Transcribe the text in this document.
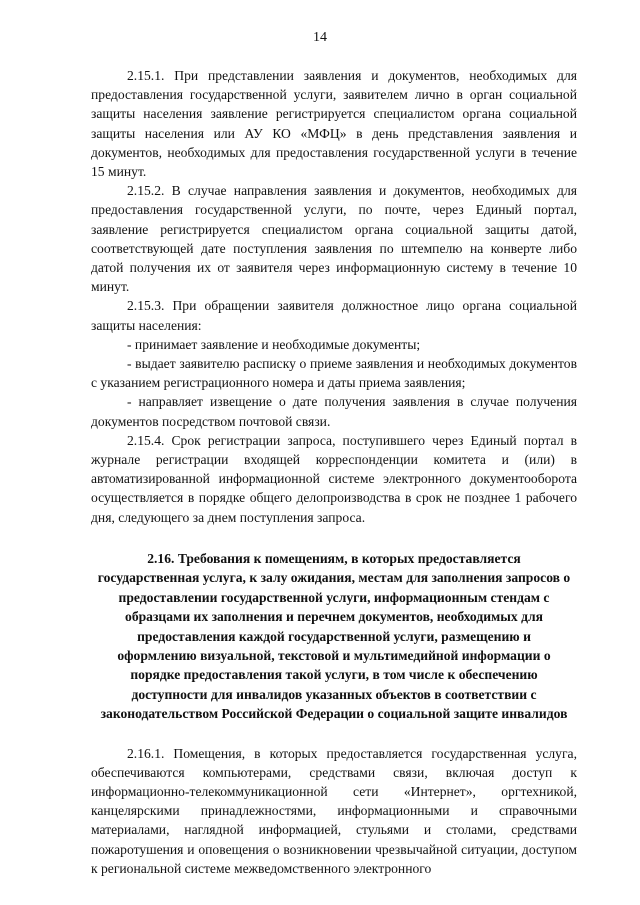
14

2.15.1. При представлении заявления и документов, необходимых для предоставления государственной услуги, заявителем лично в орган социальной защиты населения заявление регистрируется специалистом органа социальной защиты населения или АУ КО «МФЦ» в день представления заявления и документов, необходимых для предоставления государственной услуги в течение 15 минут.

2.15.2. В случае направления заявления и документов, необходимых для предоставления государственной услуги, по почте, через Единый портал, заявление регистрируется специалистом органа социальной защиты датой, соответствующей дате поступления заявления по штемпелю на конверте либо датой получения их от заявителя через информационную систему в течение 10 минут.

2.15.3. При обращении заявителя должностное лицо органа социальной защиты населения:

- принимает заявление и необходимые документы;

- выдает заявителю расписку о приеме заявления и необходимых документов с указанием регистрационного номера и даты приема заявления;

- направляет извещение о дате получения заявления в случае получения документов посредством почтовой связи.

2.15.4. Срок регистрации запроса, поступившего через Единый портал в журнале регистрации входящей корреспонденции комитета и (или) в автоматизированной информационной системе электронного документооборота осуществляется в порядке общего делопроизводства в срок не позднее 1 рабочего дня, следующего за днем поступления запроса.

2.16. Требования к помещениям, в которых предоставляется государственная услуга, к залу ожидания, местам для заполнения запросов о предоставлении государственной услуги, информационным стендам с образцами их заполнения и перечнем документов, необходимых для предоставления каждой государственной услуги, размещению и оформлению визуальной, текстовой и мультимедийной информации о порядке предоставления такой услуги, в том числе к обеспечению доступности для инвалидов указанных объектов в соответствии с законодательством Российской Федерации о социальной защите инвалидов

2.16.1. Помещения, в которых предоставляется государственная услуга, обеспечиваются компьютерами, средствами связи, включая доступ к информационно-телекоммуникационной сети «Интернет», оргтехникой, канцелярскими принадлежностями, информационными и справочными материалами, наглядной информацией, стульями и столами, средствами пожаротушения и оповещения о возникновении чрезвычайной ситуации, доступом к региональной системе межведомственного электронного
